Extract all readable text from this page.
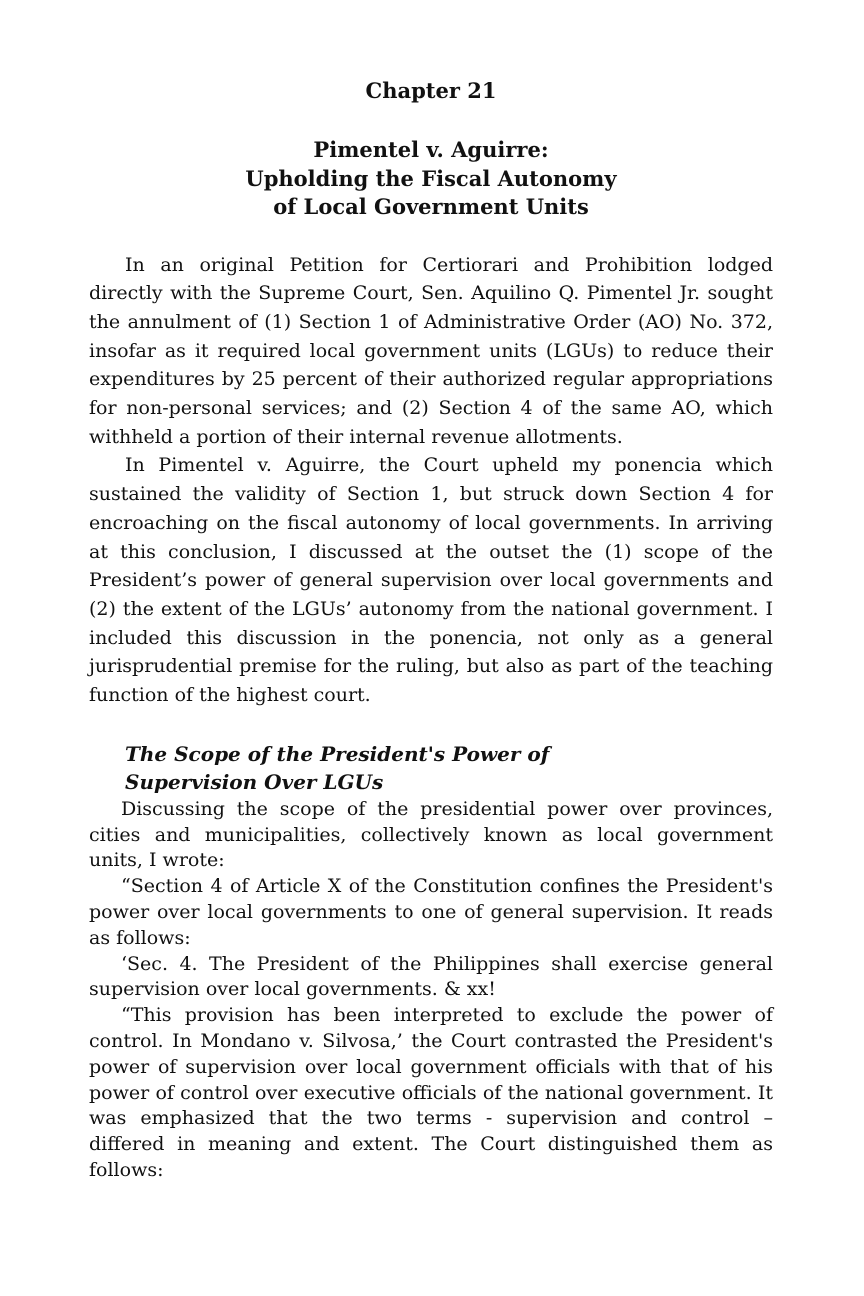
Chapter 21
Pimentel v. Aguirre:
Upholding the Fiscal Autonomy
of Local Government Units

In an original Petition for Certiorari and Prohibition lodged directly with the Supreme Court, Sen. Aquilino Q. Pimentel Jr. sought the annulment of (1) Section 1 of Administrative Order (AO) No. 372, insofar as it required local government units (LGUs) to reduce their expenditures by 25 percent of their authorized regular appropriations for non-personal services; and (2) Section 4 of the same AO, which withheld a portion of their internal revenue allotments.

In Pimentel v. Aguirre, the Court upheld my ponencia which sustained the validity of Section 1, but struck down Section 4 for encroaching on the fiscal autonomy of local governments. In arriving at this conclusion, I discussed at the outset the (1) scope of the President’s power of general supervision over local governments and (2) the extent of the LGUs’ autonomy from the national government. I included this discussion in the ponencia, not only as a general jurisprudential premise for the ruling, but also as part of the teaching function of the highest court.

The Scope of the President's Power of
Supervision Over LGUs

Discussing the scope of the presidential power over provinces, cities and municipalities, collectively known as local government units, I wrote:

“Section 4 of Article X of the Constitution confines the President's power over local governments to one of general supervision. It reads as follows:

‘Sec. 4. The President of the Philippines shall exercise general supervision over local governments. & xx!

“This provision has been interpreted to exclude the power of control. In Mondano v. Silvosa,’ the Court contrasted the President's power of supervision over local government officials with that of his power of control over executive officials of the national government. It was emphasized that the two terms - supervision and control – differed in meaning and extent. The Court distinguished them as follows:
